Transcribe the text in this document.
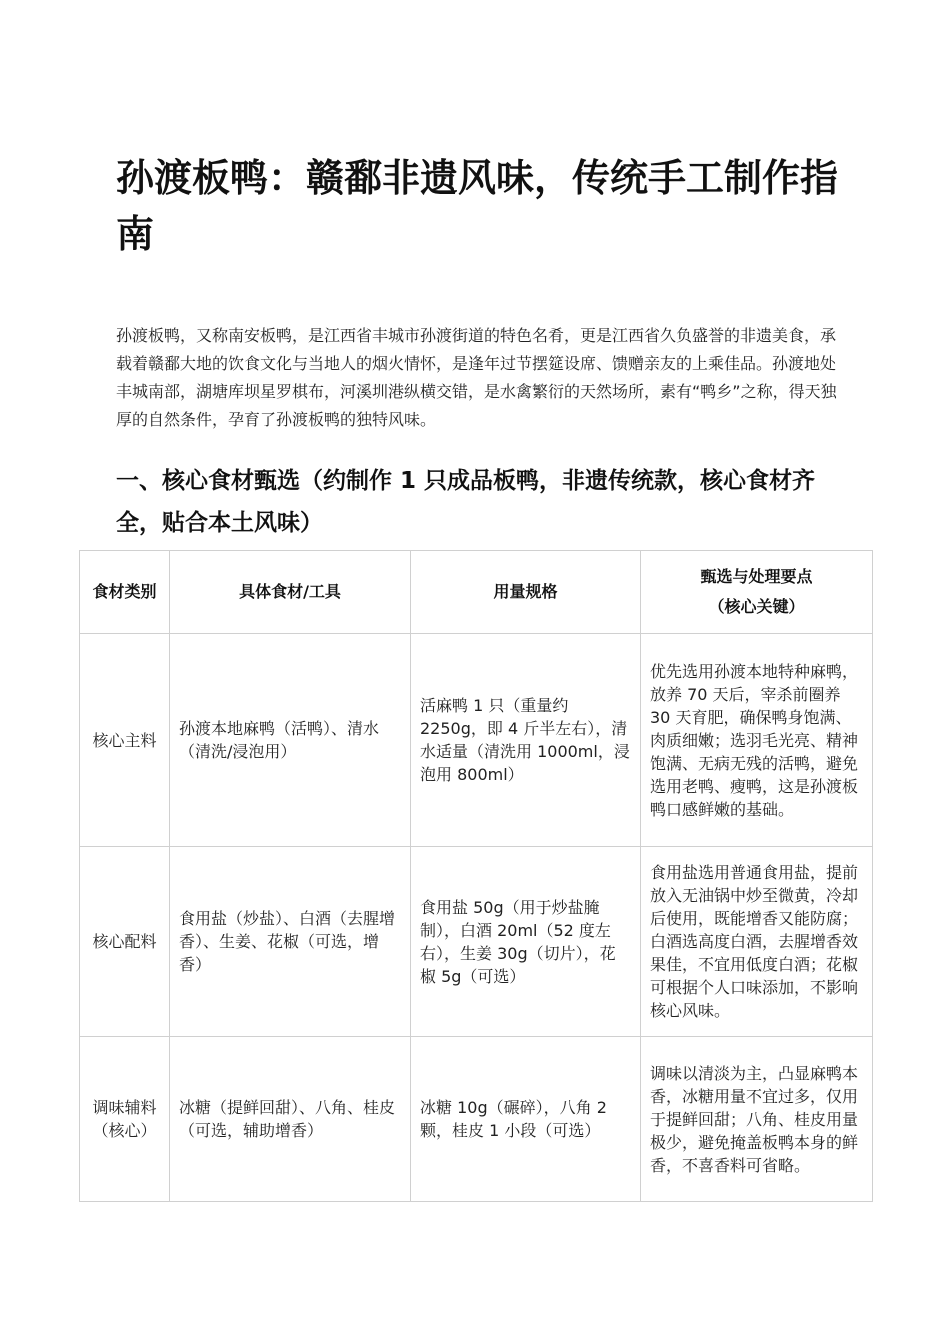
孙渡板鸭：赣鄱非遗风味，传统手工制作指南

孙渡板鸭，又称南安板鸭，是江西省丰城市孙渡街道的特色名肴，更是江西省久负盛誉的非遗美食，承载着赣鄱大地的饮食文化与当地人的烟火情怀，是逢年过节摆筵设席、馈赠亲友的上乘佳品。孙渡地处丰城南部，湖塘库坝星罗棋布，河溪圳港纵横交错，是水禽繁衍的天然场所，素有“鸭乡”之称，得天独厚的自然条件，孕育了孙渡板鸭的独特风味。

一、核心食材甄选（约制作 1 只成品板鸭，非遗传统款，核心食材齐全，贴合本土风味）
食材类别	具体食材/工具	用量规格	甄选与处理要点
（核心关键）

核心主料	孙渡本地麻鸭（活鸭）、清水（清洗/浸泡用）	活麻鸭 1 只（重量约 2250g，即 4 斤半左右），清水适量（清洗用 1000ml，浸泡用 800ml）	优先选用孙渡本地特种麻鸭，放养 70 天后，宰杀前圈养 30 天育肥，确保鸭身饱满、肉质细嫩；选羽毛光亮、精神饱满、无病无残的活鸭，避免选用老鸭、瘦鸭，这是孙渡板鸭口感鲜嫩的基础。
核心配料	食用盐（炒盐）、白酒（去腥增香）、生姜、花椒（可选，增香）	食用盐 50g（用于炒盐腌制），白酒 20ml（52 度左右），生姜 30g（切片），花椒 5g（可选）	食用盐选用普通食用盐，提前放入无油锅中炒至微黄，冷却后使用，既能增香又能防腐；白酒选高度白酒，去腥增香效果佳，不宜用低度白酒；花椒可根据个人口味添加，不影响核心风味。
调味辅料（核心）	冰糖（提鲜回甜）、八角、桂皮（可选，辅助增香）	冰糖 10g（碾碎），八角 2 颗，桂皮 1 小段（可选）	调味以清淡为主，凸显麻鸭本香，冰糖用量不宜过多，仅用于提鲜回甜；八角、桂皮用量极少，避免掩盖板鸭本身的鲜香，不喜香料可省略。
